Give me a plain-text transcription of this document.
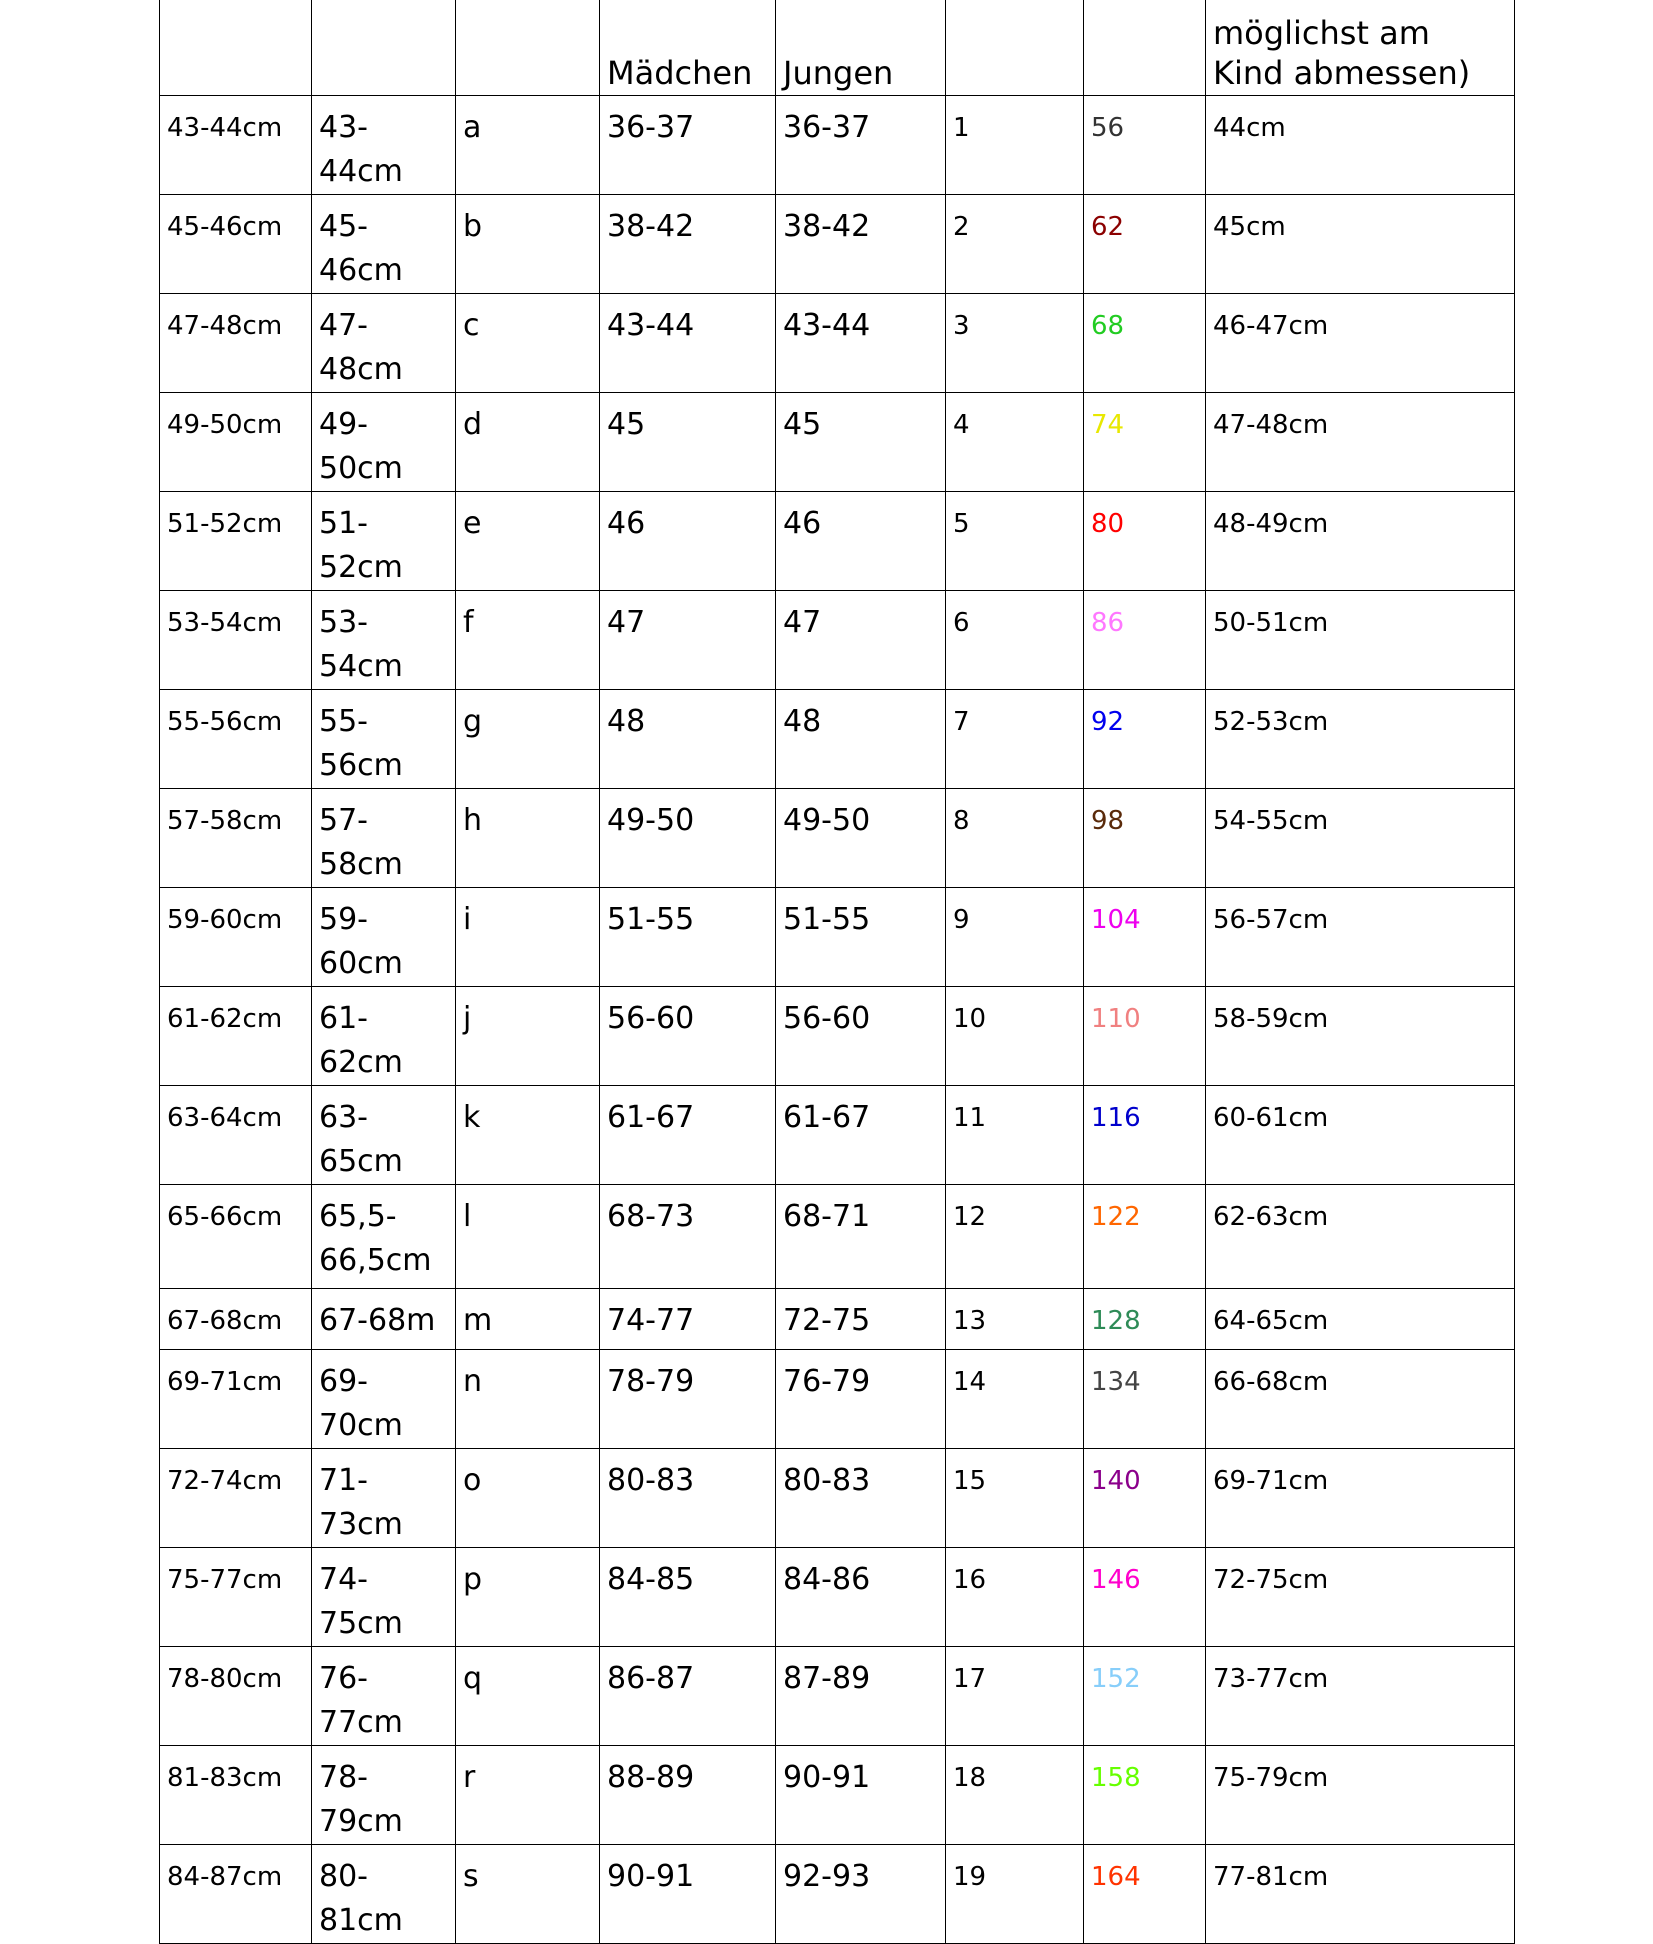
			Mädchen	Jungen			möglichst am Kind abmessen)
43-44cm	43-44cm	a	36-37	36-37	1	56	44cm
45-46cm	45-46cm	b	38-42	38-42	2	62	45cm
47-48cm	47-48cm	c	43-44	43-44	3	68	46-47cm
49-50cm	49-50cm	d	45	45	4	74	47-48cm
51-52cm	51-52cm	e	46	46	5	80	48-49cm
53-54cm	53-54cm	f	47	47	6	86	50-51cm
55-56cm	55-56cm	g	48	48	7	92	52-53cm
57-58cm	57-58cm	h	49-50	49-50	8	98	54-55cm
59-60cm	59-60cm	i	51-55	51-55	9	104	56-57cm
61-62cm	61-62cm	j	56-60	56-60	10	110	58-59cm
63-64cm	63-65cm	k	61-67	61-67	11	116	60-61cm
65-66cm	65,5-66,5cm	l	68-73	68-71	12	122	62-63cm
67-68cm	67-68m	m	74-77	72-75	13	128	64-65cm
69-71cm	69-70cm	n	78-79	76-79	14	134	66-68cm
72-74cm	71-73cm	o	80-83	80-83	15	140	69-71cm
75-77cm	74-75cm	p	84-85	84-86	16	146	72-75cm
78-80cm	76-77cm	q	86-87	87-89	17	152	73-77cm
81-83cm	78-79cm	r	88-89	90-91	18	158	75-79cm
84-87cm	80-81cm	s	90-91	92-93	19	164	77-81cm
